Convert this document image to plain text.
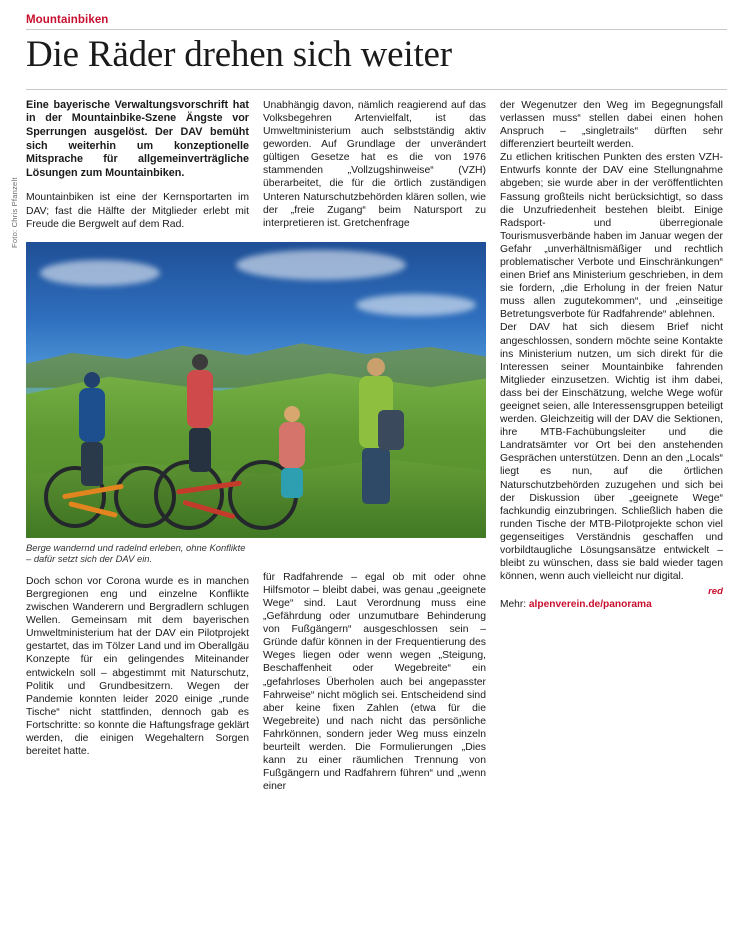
Mountainbiken
Die Räder drehen sich weiter

Eine bayerische Verwaltungsvorschrift hat in der Mountainbike-Szene Ängste vor Sperrungen ausgelöst. Der DAV bemüht sich weiterhin um konzeptionelle Mitsprache für allgemeinverträgliche Lösungen zum Mountainbiken.

Mountainbiken ist eine der Kernsportarten im DAV; fast die Hälfte der Mitglieder erlebt mit Freude die Bergwelt auf dem Rad.

Foto: Chris Pfanzelt
Berge wandernd und radelnd erleben, ohne Konflikte – dafür setzt sich der DAV ein.

Doch schon vor Corona wurde es in manchen Bergregionen eng und einzelne Konflikte zwischen Wanderern und Bergradlern schlugen Wellen. Gemeinsam mit dem bayerischen Umweltministerium hat der DAV ein Pilotprojekt gestartet, das im Tölzer Land und im Oberallgäu Konzepte für ein gelingendes Miteinander entwickeln soll – abgestimmt mit Naturschutz, Politik und Grundbesitzern. Wegen der Pandemie konnten leider 2020 einige „runde Tische“ nicht stattfinden, dennoch gab es Fortschritte: so konnte die Haftungsfrage geklärt werden, die einigen Wegehaltern Sorgen bereitet hatte.

Unabhängig davon, nämlich reagierend auf das Volksbegehren Artenvielfalt, ist das Umweltministerium auch selbstständig aktiv geworden. Auf Grundlage der unverändert gültigen Gesetze hat es die von 1976 stammenden „Vollzugshinweise“ (VZH) überarbeitet, die für die örtlich zuständigen Unteren Naturschutzbehörden klären sollen, wie der „freie Zugang“ beim Natursport zu interpretieren ist. Gretchenfrage

für Radfahrende – egal ob mit oder ohne Hilfsmotor – bleibt dabei, was genau „geeignete Wege“ sind. Laut Verordnung muss eine „Gefährdung oder unzumutbare Behinderung von Fußgängern“ ausgeschlossen sein – Gründe dafür können in der Frequentierung des Weges liegen oder wenn wegen „Steigung, Beschaffenheit oder Wegebreite“ ein „gefahrloses Überholen auch bei angepasster Fahrweise“ nicht möglich sei. Entscheidend sind aber keine fixen Zahlen (etwa für die Wegebreite) und nach nicht das persönliche Fahrkönnen, sondern jeder Weg muss einzeln beurteilt werden. Die Formulierungen „Dies kann zu einer räumlichen Trennung von Fußgängern und Radfahrern führen“ und „wenn einer

der Wegenutzer den Weg im Begegnungsfall verlassen muss“ stellen dabei einen hohen Anspruch – „singletrails“ dürften sehr differenziert beurteilt werden.

Zu etlichen kritischen Punkten des ersten VZH-Entwurfs konnte der DAV eine Stellungnahme abgeben; sie wurde aber in der veröffentlichten Fassung großteils nicht berücksichtigt, so dass die Unzufriedenheit bestehen bleibt. Einige Radsport- und überregionale Tourismusverbände haben im Januar wegen der Gefahr „unverhältnismäßiger und rechtlich problematischer Verbote und Einschränkungen“ einen Brief ans Ministerium geschrieben, in dem sie fordern, „die Erholung in der freien Natur muss allen zugutekommen“, und „einseitige Betretungsverbote für Radfahrende“ ablehnen.

Der DAV hat sich diesem Brief nicht angeschlossen, sondern möchte seine Kontakte ins Ministerium nutzen, um sich direkt für die Interessen seiner Mountainbike fahrenden Mitglieder einzusetzen. Wichtig ist ihm dabei, dass bei der Einschätzung, welche Wege wofür geeignet seien, alle Interessensgruppen beteiligt werden. Gleichzeitig will der DAV die Sektionen, ihre MTB-Fachübungsleiter und die Landratsämter vor Ort bei den anstehenden Gesprächen unterstützen. Denn an den „Locals“ liegt es nun, auf die örtlichen Naturschutzbehörden zuzugehen und sich bei der Diskussion über „geeignete Wege“ fachkundig einzubringen. Schließlich haben die runden Tische der MTB-Pilotprojekte schon viel gegenseitiges Verständnis geschaffen und vorbildtaugliche Lösungsansätze entwickelt – bleibt zu wünschen, dass sie bald wieder tagen können, wenn auch vielleicht nur digital.

red
Mehr: alpenverein.de/panorama
